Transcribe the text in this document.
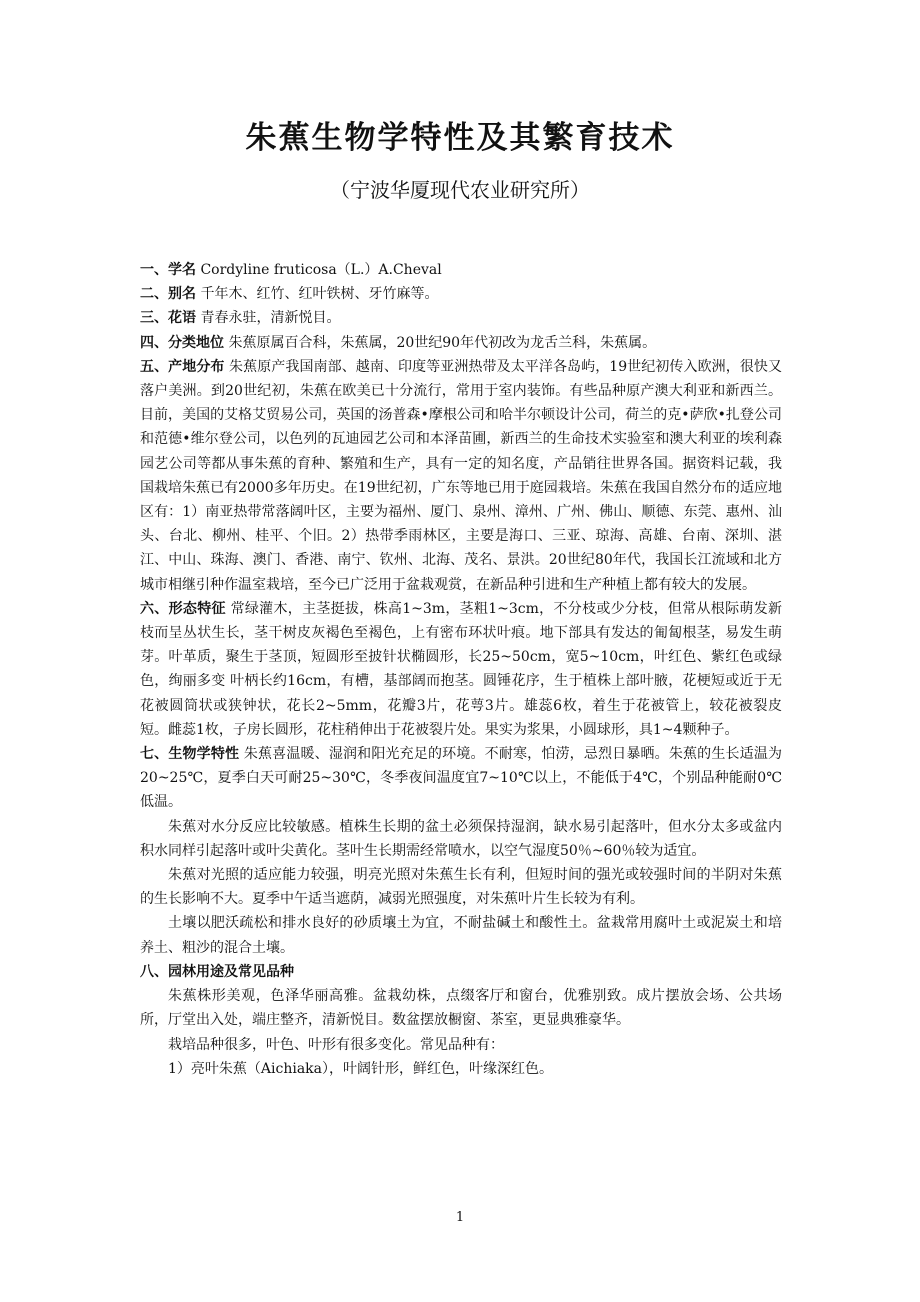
朱蕉生物学特性及其繁育技术
（宁波华厦现代农业研究所）

一、学名 Cordyline fruticosa（L.）A.Cheval

二、别名 千年木、红竹、红叶铁树、牙竹麻等。

三、花语 青春永驻，清新悦目。

四、分类地位 朱蕉原属百合科，朱蕉属，20世纪90年代初改为龙舌兰科，朱蕉属。

五、产地分布 朱蕉原产我国南部、越南、印度等亚洲热带及太平洋各岛屿，19世纪初传入欧洲，很快又落户美洲。到20世纪初，朱蕉在欧美已十分流行，常用于室内装饰。有些品种原产澳大利亚和新西兰。目前，美国的艾格艾贸易公司，英国的汤普森•摩根公司和哈半尔顿设计公司，荷兰的克•萨欣•扎登公司和范德•维尔登公司，以色列的瓦迪园艺公司和本泽苗圃，新西兰的生命技术实验室和澳大利亚的埃利森园艺公司等都从事朱蕉的育种、繁殖和生产，具有一定的知名度，产品销往世界各国。据资料记载，我国栽培朱蕉已有2000多年历史。在19世纪初，广东等地已用于庭园栽培。朱蕉在我国自然分布的适应地区有：1）南亚热带常落阔叶区，主要为福州、厦门、泉州、漳州、广州、佛山、顺德、东莞、惠州、汕头、台北、柳州、桂平、个旧。2）热带季雨林区，主要是海口、三亚、琼海、高雄、台南、深圳、湛江、中山、珠海、澳门、香港、南宁、钦州、北海、茂名、景洪。20世纪80年代，我国长江流域和北方城市相继引种作温室栽培，至今已广泛用于盆栽观赏，在新品种引进和生产种植上都有较大的发展。

六、形态特征 常绿灌木，主茎挺拔，株高1~3m，茎粗1~3cm，不分枝或少分枝，但常从根际萌发新枝而呈丛状生长，茎干树皮灰褐色至褐色，上有密布环状叶痕。地下部具有发达的匍匐根茎，易发生萌芽。叶革质，聚生于茎顶，短圆形至披针状椭圆形，长25~50cm，宽5~10cm，叶红色、紫红色或绿色，绚丽多变 叶柄长约16cm，有槽，基部阔而抱茎。圆锤花序，生于植株上部叶腋，花梗短或近于无 花被圆筒状或狭钟状，花长2~5mm，花瓣3片，花萼3片。雄蕊6枚，着生于花被管上，较花被裂皮短。雌蕊1枚，子房长圆形，花柱稍伸出于花被裂片处。果实为浆果，小圆球形，具1~4颗种子。

七、生物学特性 朱蕉喜温暖、湿润和阳光充足的环境。不耐寒，怕涝，忌烈日暴晒。朱蕉的生长适温为20~25℃，夏季白天可耐25~30℃，冬季夜间温度宜7~10℃以上，不能低于4℃，个别品种能耐0℃低温。

朱蕉对水分反应比较敏感。植株生长期的盆土必须保持湿润，缺水易引起落叶，但水分太多或盆内积水同样引起落叶或叶尖黄化。茎叶生长期需经常喷水，以空气湿度50％~60％较为适宜。

朱蕉对光照的适应能力较强，明亮光照对朱蕉生长有利，但短时间的强光或较强时间的半阴对朱蕉的生长影响不大。夏季中午适当遮荫，减弱光照强度，对朱蕉叶片生长较为有利。

土壤以肥沃疏松和排水良好的砂质壤土为宜，不耐盐碱土和酸性土。盆栽常用腐叶土或泥炭土和培养土、粗沙的混合土壤。

八、园林用途及常见品种

朱蕉株形美观，色泽华丽高雅。盆栽幼株，点缀客厅和窗台，优雅别致。成片摆放会场、公共场所，厅堂出入处，端庄整齐，清新悦目。数盆摆放橱窗、茶室，更显典雅豪华。

栽培品种很多，叶色、叶形有很多变化。常见品种有：

1）亮叶朱蕉（Aichiaka），叶阔针形，鲜红色，叶缘深红色。

1
